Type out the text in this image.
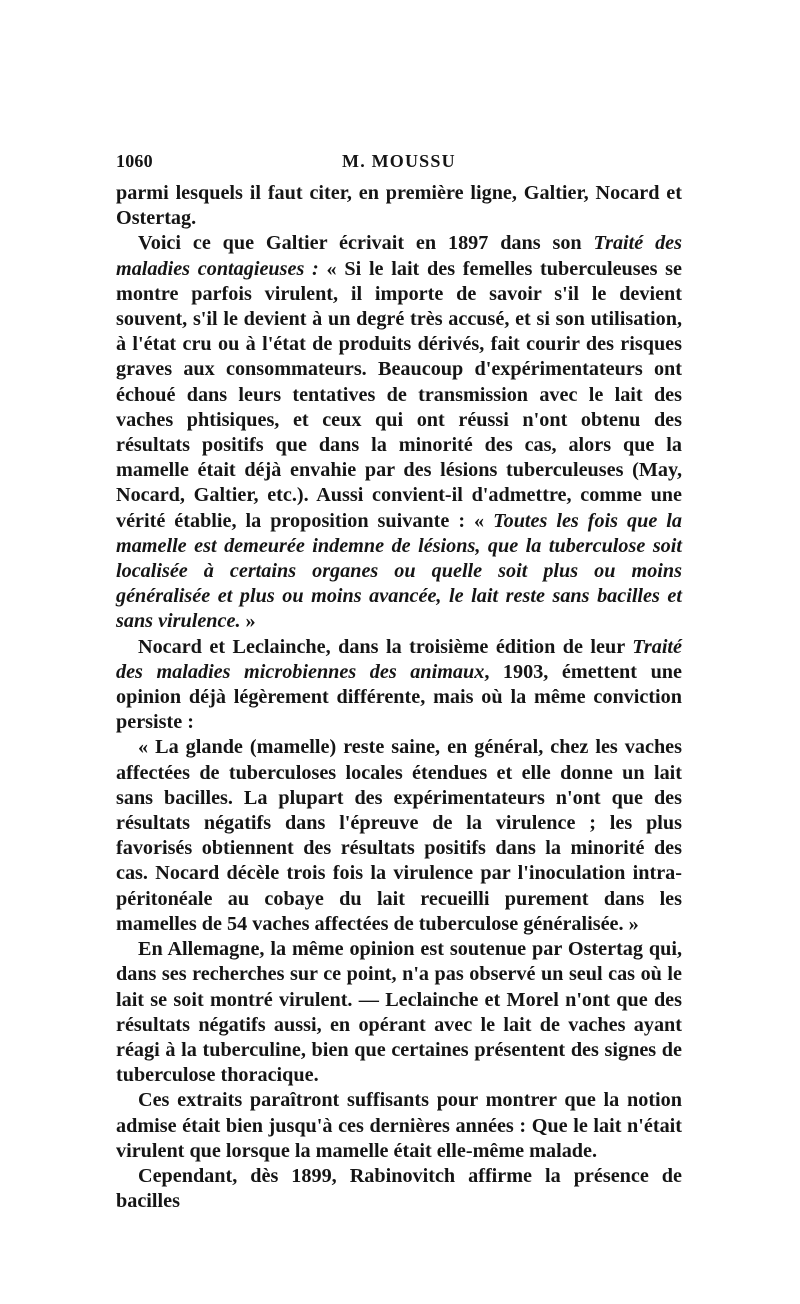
1060	M. MOUSSU

parmi lesquels il faut citer, en première ligne, Galtier, Nocard et Ostertag.

Voici ce que Galtier écrivait en 1897 dans son Traité des maladies contagieuses : « Si le lait des femelles tuberculeuses se montre parfois virulent, il importe de savoir s'il le devient souvent, s'il le devient à un degré très accusé, et si son utilisation, à l'état cru ou à l'état de produits dérivés, fait courir des risques graves aux consommateurs. Beaucoup d'expérimentateurs ont échoué dans leurs tentatives de transmission avec le lait des vaches phtisiques, et ceux qui ont réussi n'ont obtenu des résultats positifs que dans la minorité des cas, alors que la mamelle était déjà envahie par des lésions tuberculeuses (May, Nocard, Galtier, etc.). Aussi convient-il d'admettre, comme une vérité établie, la proposition suivante : « Toutes les fois que la mamelle est demeurée indemne de lésions, que la tuberculose soit localisée à certains organes ou quelle soit plus ou moins généralisée et plus ou moins avancée, le lait reste sans bacilles et sans virulence. »

Nocard et Leclainche, dans la troisième édition de leur Traité des maladies microbiennes des animaux, 1903, émettent une opinion déjà légèrement différente, mais où la même conviction persiste :

« La glande (mamelle) reste saine, en général, chez les vaches affectées de tuberculoses locales étendues et elle donne un lait sans bacilles. La plupart des expérimentateurs n'ont que des résultats négatifs dans l'épreuve de la virulence ; les plus favorisés obtiennent des résultats positifs dans la minorité des cas. Nocard décèle trois fois la virulence par l'inoculation intra-péritonéale au cobaye du lait recueilli purement dans les mamelles de 54 vaches affectées de tuberculose généralisée. »

En Allemagne, la même opinion est soutenue par Ostertag qui, dans ses recherches sur ce point, n'a pas observé un seul cas où le lait se soit montré virulent. — Leclainche et Morel n'ont que des résultats négatifs aussi, en opérant avec le lait de vaches ayant réagi à la tuberculine, bien que certaines présentent des signes de tuberculose thoracique.

Ces extraits paraîtront suffisants pour montrer que la notion admise était bien jusqu'à ces dernières années : Que le lait n'était virulent que lorsque la mamelle était elle-même malade.

Cependant, dès 1899, Rabinovitch affirme la présence de bacilles
